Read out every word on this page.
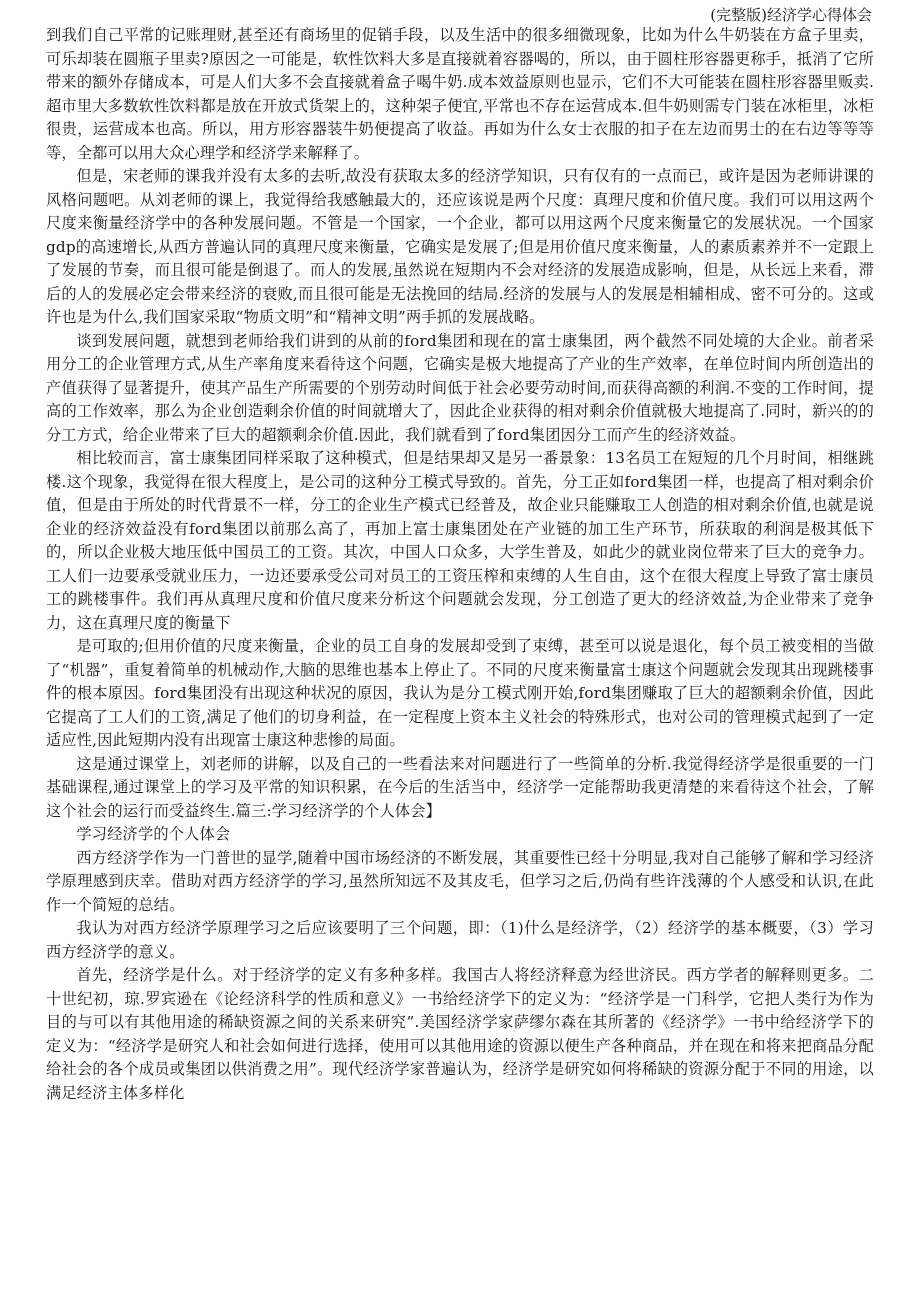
(完整版)经济学心得体会

到我们自己平常的记账理财,甚至还有商场里的促销手段，以及生活中的很多细微现象，比如为什么牛奶装在方盒子里卖，可乐却装在圆瓶子里卖?原因之一可能是，软性饮料大多是直接就着容器喝的，所以，由于圆柱形容器更称手，抵消了它所带来的额外存储成本，可是人们大多不会直接就着盒子喝牛奶.成本效益原则也显示，它们不大可能装在圆柱形容器里贩卖.超市里大多数软性饮料都是放在开放式货架上的，这种架子便宜,平常也不存在运营成本.但牛奶则需专门装在冰柜里，冰柜很贵，运营成本也高。所以，用方形容器装牛奶便提高了收益。再如为什么女士衣服的扣子在左边而男士的在右边等等等等，全都可以用大众心理学和经济学来解释了。

但是，宋老师的课我并没有太多的去听,故没有获取太多的经济学知识，只有仅有的一点而已，或许是因为老师讲课的风格问题吧。从刘老师的课上，我觉得给我感触最大的，还应该说是两个尺度：真理尺度和价值尺度。我们可以用这两个尺度来衡量经济学中的各种发展问题。不管是一个国家，一个企业，都可以用这两个尺度来衡量它的发展状况。一个国家gdp的高速增长,从西方普遍认同的真理尺度来衡量，它确实是发展了;但是用价值尺度来衡量，人的素质素养并不一定跟上了发展的节奏，而且很可能是倒退了。而人的发展,虽然说在短期内不会对经济的发展造成影响，但是，从长远上来看，滞后的人的发展必定会带来经济的衰败,而且很可能是无法挽回的结局.经济的发展与人的发展是相辅相成、密不可分的。这或许也是为什么,我们国家采取“物质文明”和“精神文明”两手抓的发展战略。

谈到发展问题，就想到老师给我们讲到的从前的ford集团和现在的富士康集团，两个截然不同处境的大企业。前者采用分工的企业管理方式,从生产率角度来看待这个问题，它确实是极大地提高了产业的生产效率，在单位时间内所创造出的产值获得了显著提升，使其产品生产所需要的个别劳动时间低于社会必要劳动时间,而获得高额的利润.不变的工作时间，提高的工作效率，那么为企业创造剩余价值的时间就增大了，因此企业获得的相对剩余价值就极大地提高了.同时，新兴的的分工方式，给企业带来了巨大的超额剩余价值.因此，我们就看到了ford集团因分工而产生的经济效益。

相比较而言，富士康集团同样采取了这种模式，但是结果却又是另一番景象：13名员工在短短的几个月时间，相继跳楼.这个现象，我觉得在很大程度上，是公司的这种分工模式导致的。首先，分工正如ford集团一样，也提高了相对剩余价值，但是由于所处的时代背景不一样，分工的企业生产模式已经普及，故企业只能赚取工人创造的相对剩余价值,也就是说企业的经济效益没有ford集团以前那么高了，再加上富士康集团处在产业链的加工生产环节，所获取的利润是极其低下的，所以企业极大地压低中国员工的工资。其次，中国人口众多，大学生普及，如此少的就业岗位带来了巨大的竞争力。工人们一边要承受就业压力，一边还要承受公司对员工的工资压榨和束缚的人生自由，这个在很大程度上导致了富士康员工的跳楼事件。我们再从真理尺度和价值尺度来分析这个问题就会发现，分工创造了更大的经济效益,为企业带来了竞争力，这在真理尺度的衡量下

是可取的;但用价值的尺度来衡量，企业的员工自身的发展却受到了束缚，甚至可以说是退化，每个员工被变相的当做了“机器”，重复着简单的机械动作,大脑的思维也基本上停止了。不同的尺度来衡量富士康这个问题就会发现其出现跳楼事件的根本原因。ford集团没有出现这种状况的原因，我认为是分工模式刚开始,ford集团赚取了巨大的超额剩余价值，因此它提高了工人们的工资,满足了他们的切身利益，在一定程度上资本主义社会的特殊形式，也对公司的管理模式起到了一定适应性,因此短期内没有出现富士康这种悲惨的局面。

这是通过课堂上，刘老师的讲解，以及自己的一些看法来对问题进行了一些简单的分析.我觉得经济学是很重要的一门基础课程,通过课堂上的学习及平常的知识积累，在今后的生活当中，经济学一定能帮助我更清楚的来看待这个社会，了解这个社会的运行而受益终生.篇三:学习经济学的个人体会】

学习经济学的个人体会

西方经济学作为一门普世的显学,随着中国市场经济的不断发展，其重要性已经十分明显,我对自己能够了解和学习经济学原理感到庆幸。借助对西方经济学的学习,虽然所知远不及其皮毛，但学习之后,仍尚有些许浅薄的个人感受和认识,在此作一个简短的总结。

我认为对西方经济学原理学习之后应该要明了三个问题，即：（1)什么是经济学，（2）经济学的基本概要，（3）学习西方经济学的意义。

首先，经济学是什么。对于经济学的定义有多种多样。我国古人将经济释意为经世济民。西方学者的解释则更多。二十世纪初，琼.罗宾逊在《论经济科学的性质和意义》一书给经济学下的定义为：“经济学是一门科学，它把人类行为作为目的与可以有其他用途的稀缺资源之间的关系来研究”.美国经济学家萨缪尔森在其所著的《经济学》一书中给经济学下的定义为：“经济学是研究人和社会如何进行选择，使用可以其他用途的资源以便生产各种商品，并在现在和将来把商品分配给社会的各个成员或集团以供消费之用”。现代经济学家普遍认为，经济学是研究如何将稀缺的资源分配于不同的用途，以满足经济主体多样化
